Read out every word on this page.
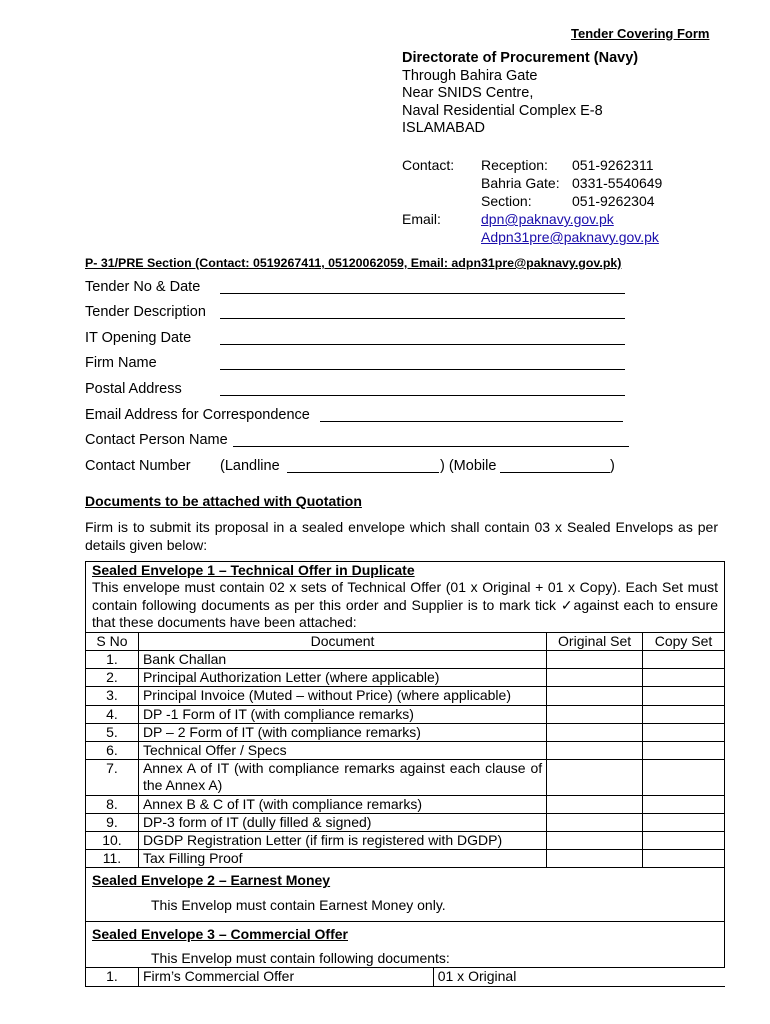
Tender Covering Form
Directorate of Procurement (Navy)
Through Bahira Gate
Near SNIDS Centre,
Naval Residential Complex E-8
ISLAMABAD
Contact: Reception: 051-9262311
Bahria Gate: 0331-5540649
Section:	051-9262304
Email:	dpn@paknavy.gov.pk
Adpn31pre@paknavy.gov.pk
P- 31/PRE Section (Contact: 0519267411, 05120062059, Email: adpn31pre@paknavy.gov.pk)
Tender No & Date
Tender Description
IT Opening Date
Firm Name
Postal Address
Email Address for Correspondence
Contact Person Name
Contact Number (Landline	) (Mobile	)
Documents to be attached with Quotation
Firm is to submit its proposal in a sealed envelope which shall contain 03 x Sealed Envelops as per details given below:
Sealed Envelope 1 – Technical Offer in Duplicate
This envelope must contain 02 x sets of Technical Offer (01 x Original + 01 x Copy). Each Set must contain following documents as per this order and Supplier is to mark tick ✓against each to ensure that these documents have been attached:			

S No	Document	Original Set	Copy Set
1.	Bank Challan		
2.	Principal Authorization Letter (where applicable)		
3.	Principal Invoice (Muted – without Price) (where applicable)		
4.	DP -1 Form of IT (with compliance remarks)		
5.	DP – 2 Form of IT (with compliance remarks)		
6.	Technical Offer / Specs		
7.	Annex A of IT (with compliance remarks against each clause of the Annex A)		
8.	Annex B & C of IT (with compliance remarks)		
9.	DP-3 form of IT (dully filled & signed)		
10.	DGDP Registration Letter (if firm is registered with DGDP)		
11.	Tax Filling Proof		

Sealed Envelope 2 – Earnest Money
This Envelop must contain Earnest Money only.			

Sealed Envelope 3 – Commercial Offer
This Envelop must contain following documents:			
1.	Firm’s Commercial Offer	01 x Original
